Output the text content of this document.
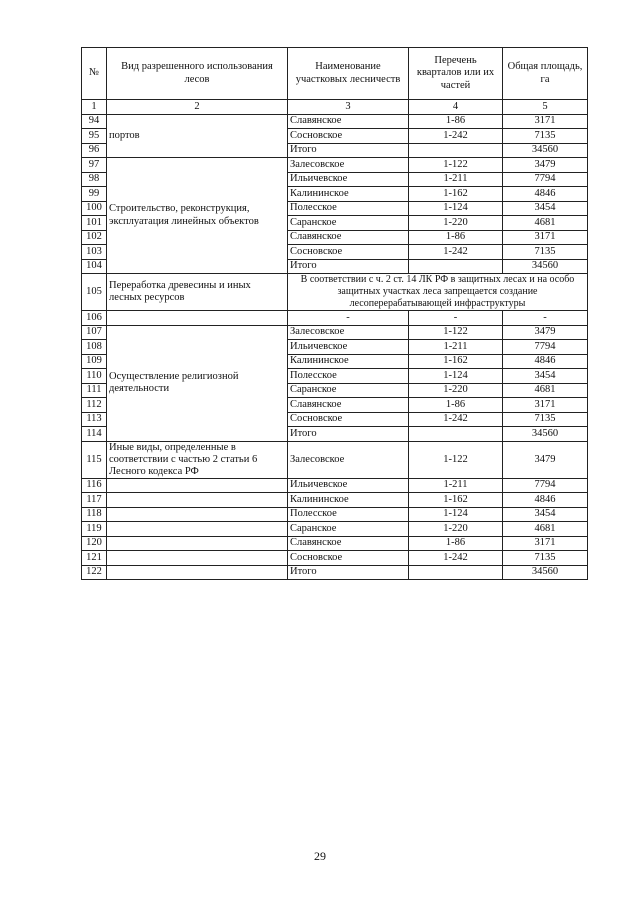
№	Вид разрешенного использования лесов	Наименование участковых лесничеств	Перечень кварталов или их частей	Общая площадь, га
1	2	3	4	5
94	портов	Славянское	1-86	3171
95		Сосновское	1-242	7135
96		Итого		34560
97	Строительство, реконструкция, эксплуатация линейных объектов	Залесовское	1-122	3479
98		Ильичевское	1-211	7794
99		Калининское	1-162	4846
100		Полесское	1-124	3454
101		Саранское	1-220	4681
102		Славянское	1-86	3171
103		Сосновское	1-242	7135
104		Итого		34560
105	Переработка древесины и иных лесных ресурсов	В соответствии с ч. 2 ст. 14 ЛК РФ в защитных лесах и на особо защитных участках леса запрещается создание лесоперерабатывающей инфраструктуры		
106		-	-	-
107	Осуществление религиозной деятельности	Залесовское	1-122	3479
108		Ильичевское	1-211	7794
109		Калининское	1-162	4846
110		Полесское	1-124	3454
111		Саранское	1-220	4681
112		Славянское	1-86	3171
113		Сосновское	1-242	7135
114		Итого		34560
115	Иные виды, определенные в соответствии с частью 2 статьи 6 Лесного кодекса РФ	Залесовское	1-122	3479
116		Ильичевское	1-211	7794
117		Калининское	1-162	4846
118		Полесское	1-124	3454
119		Саранское	1-220	4681
120		Славянское	1-86	3171
121		Сосновское	1-242	7135
122		Итого		34560
29
